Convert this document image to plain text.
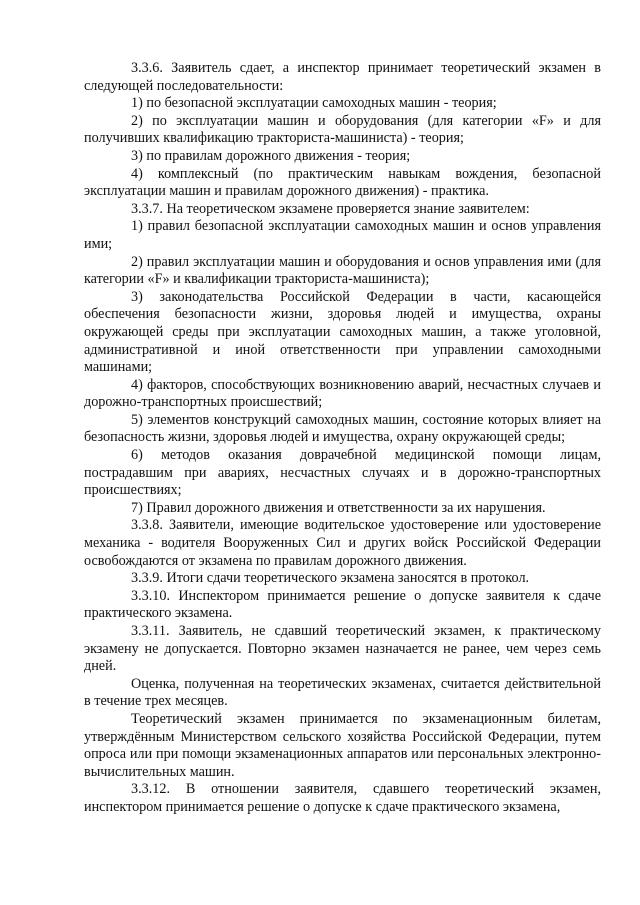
3.3.6. Заявитель сдает, а инспектор принимает теоретический экзамен в следующей последовательности:

1) по безопасной эксплуатации самоходных машин - теория;

2) по эксплуатации машин и оборудования (для категории «F» и для получивших квалификацию тракториста-машиниста) - теория;

3) по правилам дорожного движения - теория;

4) комплексный (по практическим навыкам вождения, безопасной эксплуатации машин и правилам дорожного движения) - практика.

3.3.7. На теоретическом экзамене проверяется знание заявителем:

1) правил безопасной эксплуатации самоходных машин и основ управления ими;

2) правил эксплуатации машин и оборудования и основ управления ими (для категории «F» и квалификации тракториста-машиниста);

3) законодательства Российской Федерации в части, касающейся обеспечения безопасности жизни, здоровья людей и имущества, охраны окружающей среды при эксплуатации самоходных машин, а также уголовной, административной и иной ответственности при управлении самоходными машинами;

4) факторов, способствующих возникновению аварий, несчастных случаев и дорожно-транспортных происшествий;

5) элементов конструкций самоходных машин, состояние которых влияет на безопасность жизни, здоровья людей и имущества, охрану окружающей среды;

6) методов оказания доврачебной медицинской помощи лицам, пострадавшим при авариях, несчастных случаях и в дорожно-транспортных происшествиях;

7) Правил дорожного движения и ответственности за их нарушения.

3.3.8. Заявители, имеющие водительское удостоверение или удостоверение механика - водителя Вооруженных Сил и других войск Российской Федерации освобождаются от экзамена по правилам дорожного движения.

3.3.9. Итоги сдачи теоретического экзамена заносятся в протокол.

3.3.10. Инспектором принимается решение о допуске заявителя к сдаче практического экзамена.

3.3.11. Заявитель, не сдавший теоретический экзамен, к практическому экзамену не допускается. Повторно экзамен назначается не ранее, чем через семь дней.

Оценка, полученная на теоретических экзаменах, считается действительной в течение трех месяцев.

Теоретический экзамен принимается по экзаменационным билетам, утверждённым Министерством сельского хозяйства Российской Федерации, путем опроса или при помощи экзаменационных аппаратов или персональных электронно-вычислительных машин.

3.3.12. В отношении заявителя, сдавшего теоретический экзамен, инспектором принимается решение о допуске к сдаче практического экзамена,
